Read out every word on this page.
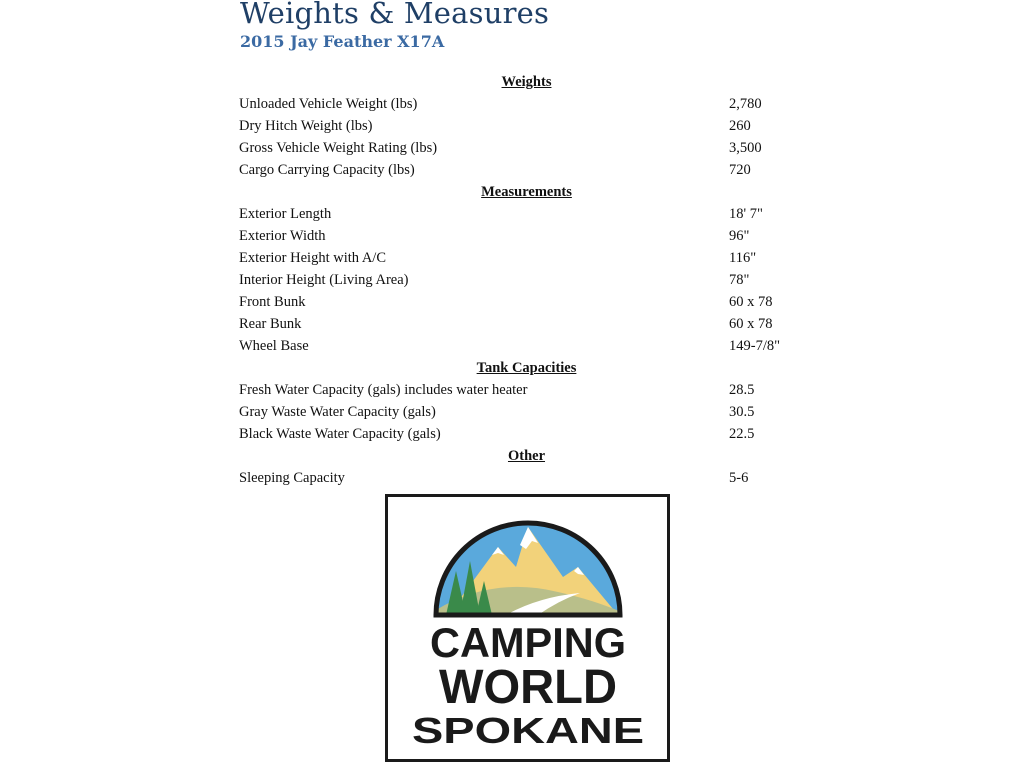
Weights & Measures
2015 Jay Feather X17A
Weights
Unloaded Vehicle Weight (lbs)	2,780
Dry Hitch Weight (lbs)	260
Gross Vehicle Weight Rating (lbs)	3,500
Cargo Carrying Capacity (lbs)	720
Measurements
Exterior Length	18' 7"
Exterior Width	96"
Exterior Height with A/C	116"
Interior Height (Living Area)	78"
Front Bunk	60 x 78
Rear Bunk	60 x 78
Wheel Base	149-7/8"
Tank Capacities
Fresh Water Capacity (gals) includes water heater	28.5
Gray Waste Water Capacity (gals)	30.5
Black Waste Water Capacity (gals)	22.5
Other
Sleeping Capacity	5-6
CAMPING
WORLD
SPOKANE
